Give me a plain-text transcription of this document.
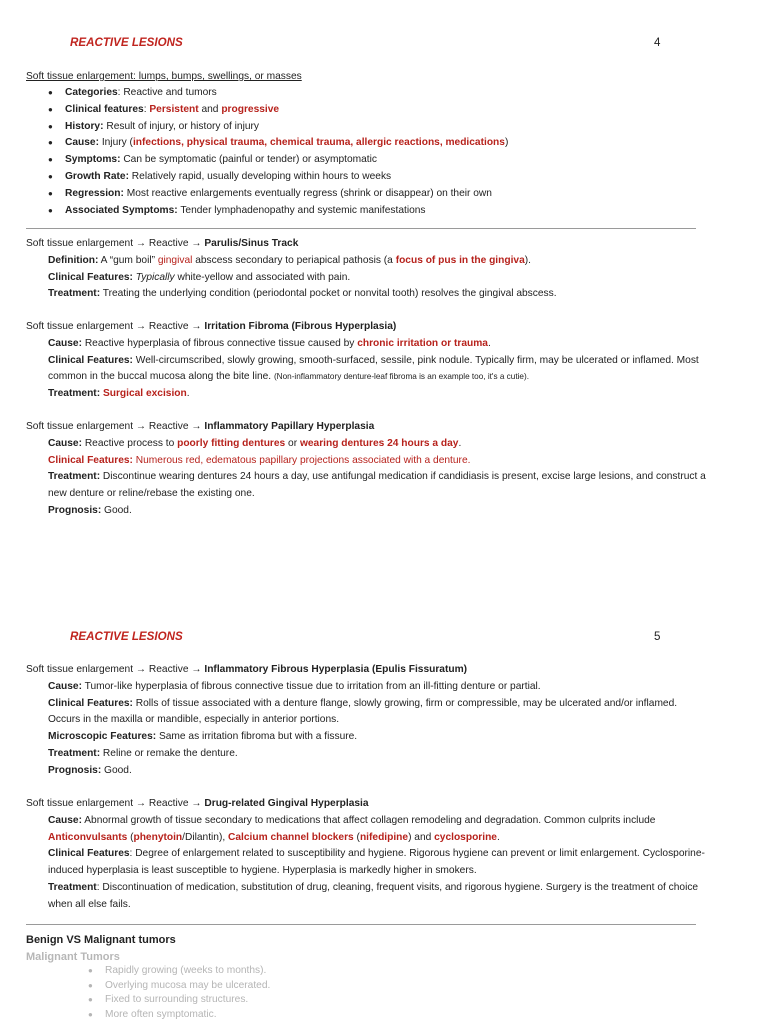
REACTIVE LESIONS	4
Soft tissue enlargement: lumps, bumps, swellings, or masses
● Categories: Reactive and tumors
● Clinical features: Persistent and progressive
● History: Result of injury, or history of injury
● Cause: Injury (infections, physical trauma, chemical trauma, allergic reactions, medications)
● Symptoms: Can be symptomatic (painful or tender) or asymptomatic
● Growth Rate: Relatively rapid, usually developing within hours to weeks
● Regression: Most reactive enlargements eventually regress (shrink or disappear) on their own
● Associated Symptoms: Tender lymphadenopathy and systemic manifestations
Soft tissue enlargement → Reactive → Parulis/Sinus Track
Definition: A “gum boil” gingival abscess secondary to periapical pathosis (a focus of pus in the gingiva).
Clinical Features: Typically white-yellow and associated with pain.
Treatment: Treating the underlying condition (periodontal pocket or nonvital tooth) resolves the gingival abscess.
Soft tissue enlargement → Reactive → Irritation Fibroma (Fibrous Hyperplasia)
Cause: Reactive hyperplasia of fibrous connective tissue caused by chronic irritation or trauma.
Clinical Features: Well-circumscribed, slowly growing, smooth-surfaced, sessile, pink nodule. Typically firm, may be ulcerated or inflamed. Most common in the buccal mucosa along the bite line. (Non-inflammatory denture-leaf fibroma is an example too, it's a cutie).
Treatment: Surgical excision.
Soft tissue enlargement → Reactive → Inflammatory Papillary Hyperplasia
Cause: Reactive process to poorly fitting dentures or wearing dentures 24 hours a day.
Clinical Features: Numerous red, edematous papillary projections associated with a denture.
Treatment: Discontinue wearing dentures 24 hours a day, use antifungal medication if candidiasis is present, excise large lesions, and construct a new denture or reline/rebase the existing one.
Prognosis: Good.
REACTIVE LESIONS	5
Soft tissue enlargement → Reactive → Inflammatory Fibrous Hyperplasia (Epulis Fissuratum)
Cause: Tumor-like hyperplasia of fibrous connective tissue due to irritation from an ill-fitting denture or partial.
Clinical Features: Rolls of tissue associated with a denture flange, slowly growing, firm or compressible, may be ulcerated and/or inflamed. Occurs in the maxilla or mandible, especially in anterior portions.
Microscopic Features: Same as irritation fibroma but with a fissure.
Treatment: Reline or remake the denture.
Prognosis: Good.
Soft tissue enlargement → Reactive → Drug-related Gingival Hyperplasia
Cause: Abnormal growth of tissue secondary to medications that affect collagen remodeling and degradation. Common culprits include Anticonvulsants (phenytoin/Dilantin), Calcium channel blockers (nifedipine) and cyclosporine.
Clinical Features: Degree of enlargement related to susceptibility and hygiene. Rigorous hygiene can prevent or limit enlargement. Cyclosporine-induced hyperplasia is least susceptible to hygiene. Hyperplasia is markedly higher in smokers.
Treatment: Discontinuation of medication, substitution of drug, cleaning, frequent visits, and rigorous hygiene. Surgery is the treatment of choice when all else fails.
Benign VS Malignant tumors
Malignant Tumors
● Rapidly growing (weeks to months).
● Overlying mucosa may be ulcerated.
● Fixed to surrounding structures.
● More often symptomatic.
